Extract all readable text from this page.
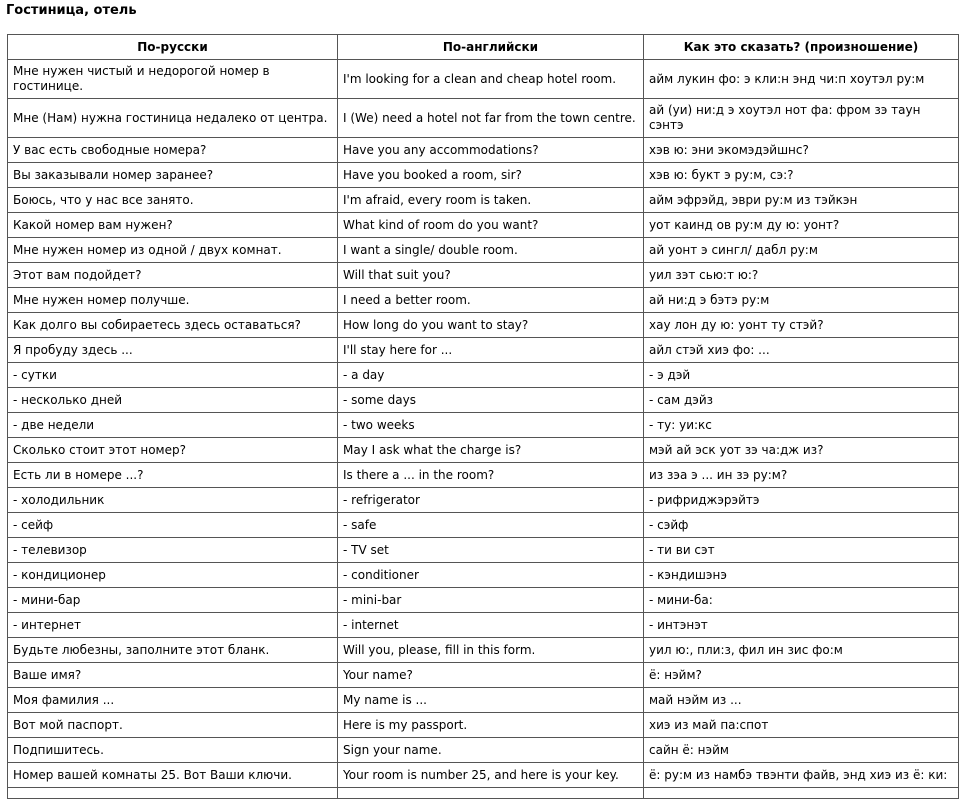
Гостиница, отель
По-русски	По-английски	Как это сказать? (произношение)
Мне нужен чистый и недорогой номер в гостинице.	I'm looking for a clean and cheap hotel room.	айм лукин фо: э кли:н энд чи:п хоутэл ру:м
Мне (Нам) нужна гостиница недалеко от центра.	I (We) need a hotel not far from the town centre.	ай (уи) ни:д э хоутэл нот фа: фром зэ таун сэнтэ
У вас есть свободные номера?	Have you any accommodations?	хэв ю: эни экомэдэйшнс?
Вы заказывали номер заранее?	Have you booked a room, sir?	хэв ю: букт э ру:м, сэ:?
Боюсь, что у нас все занято.	I'm afraid, every room is taken.	айм эфрэйд, эври ру:м из тэйкэн
Какой номер вам нужен?	What kind of room do you want?	уот каинд ов ру:м ду ю: уонт?
Мне нужен номер из одной / двух комнат.	I want a single/ double room.	ай уонт э сингл/ дабл ру:м
Этот вам подойдет?	Will that suit you?	уил зэт сью:т ю:?
Мне нужен номер получше.	I need a better room.	ай ни:д э бэтэ ру:м
Как долго вы собираетесь здесь оставаться?	How long do you want to stay?	хау лон ду ю: уонт ту стэй?
Я пробуду здесь ...	I'll stay here for ...	айл стэй хиэ фо: ...
- сутки	- a day	- э дэй
- несколько дней	- some days	- сам дэйз
- две недели	- two weeks	- ту: уи:кс
Сколько стоит этот номер?	May I ask what the charge is?	мэй ай эск уот зэ ча:дж из?
Есть ли в номере ...?	Is there a ... in the room?	из зэа э ... ин зэ ру:м?
- холодильник	- refrigerator	- рифриджэрэйтэ
- сейф	- safe	- сэйф
- телевизор	- TV set	- ти ви сэт
- кондиционер	- conditioner	- кэндишэнэ
- мини-бар	- mini-bar	- мини-ба:
- интернет	- internet	- интэнэт
Будьте любезны, заполните этот бланк.	Will you, please, fill in this form.	уил ю:, пли:з, фил ин зис фо:м
Ваше имя?	Your name?	ё: нэйм?
Моя фамилия ...	My name is ...	май нэйм из ...
Вот мой паспорт.	Here is my passport.	хиэ из май па:спот
Подпишитесь.	Sign your name.	сайн ё: нэйм
Номер вашей комнаты 25. Вот Ваши ключи.	Your room is number 25, and here is your key.	ё: ру:м из намбэ твэнти файв, энд хиэ из ё: ки:
